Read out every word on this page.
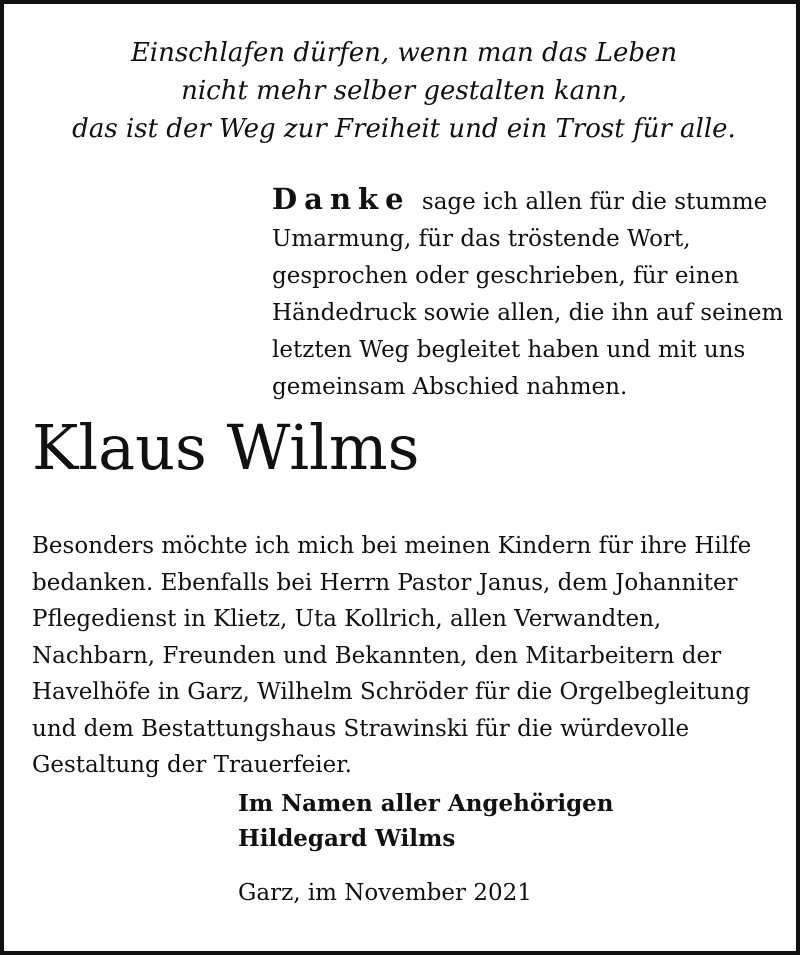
Einschlafen dürfen, wenn man das Leben
nicht mehr selber gestalten kann,
das ist der Weg zur Freiheit und ein Trost für alle.
Danke sage ich allen für die stumme
Umarmung, für das tröstende Wort,
gesprochen oder geschrieben, für einen
Händedruck sowie allen, die ihn auf seinem
letzten Weg begleitet haben und mit uns
gemeinsam Abschied nahmen.
Klaus Wilms
Besonders möchte ich mich bei meinen Kindern für ihre Hilfe
bedanken. Ebenfalls bei Herrn Pastor Janus, dem Johanniter
Pflegedienst in Klietz, Uta Kollrich, allen Verwandten,
Nachbarn, Freunden und Bekannten, den Mitarbeitern der
Havelhöfe in Garz, Wilhelm Schröder für die Orgelbegleitung
und dem Bestattungshaus Strawinski für die würdevolle
Gestaltung der Trauerfeier.
Im Namen aller Angehörigen
Hildegard Wilms
Garz, im November 2021
